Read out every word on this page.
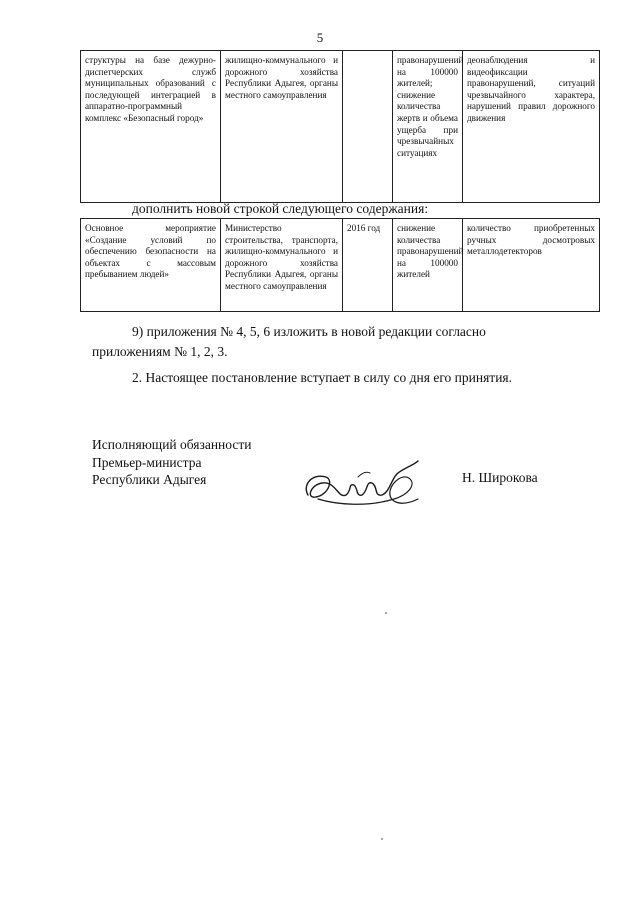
5
структуры на базе дежурно-диспетчерских служб муниципальных образований с последующей интеграцией в аппаратно-программный комплекс «Безопасный город»	жилищно-коммунального и дорожного хозяйства Республики Адыгея, органы местного самоуправления		правонарушений на 100000 жителей; снижение количества жертв и объема ущерба при чрезвычайных ситуациях	деонаблюдения и видеофиксации правонарушений, ситуаций чрезвычайного характера, нарушений правил дорожного движения
дополнить новой строкой следующего содержания:
Основное мероприятие «Создание условий по обеспечению безопасности на объектах с массовым пребыванием людей»	Министерство строительства, транспорта, жилищно-коммунального и дорожного хозяйства Республики Адыгея, органы местного самоуправления	2016 год	снижение количества правонарушений на 100000 жителей	количество приобретенных ручных досмотровых металлодетекторов
9) приложения № 4, 5, 6 изложить в новой редакции согласно приложениям № 1, 2, 3.
2. Настоящее постановление вступает в силу со дня его принятия.
Исполняющий обязанности
Премьер-министра
Республики Адыгея	Н. Широкова
